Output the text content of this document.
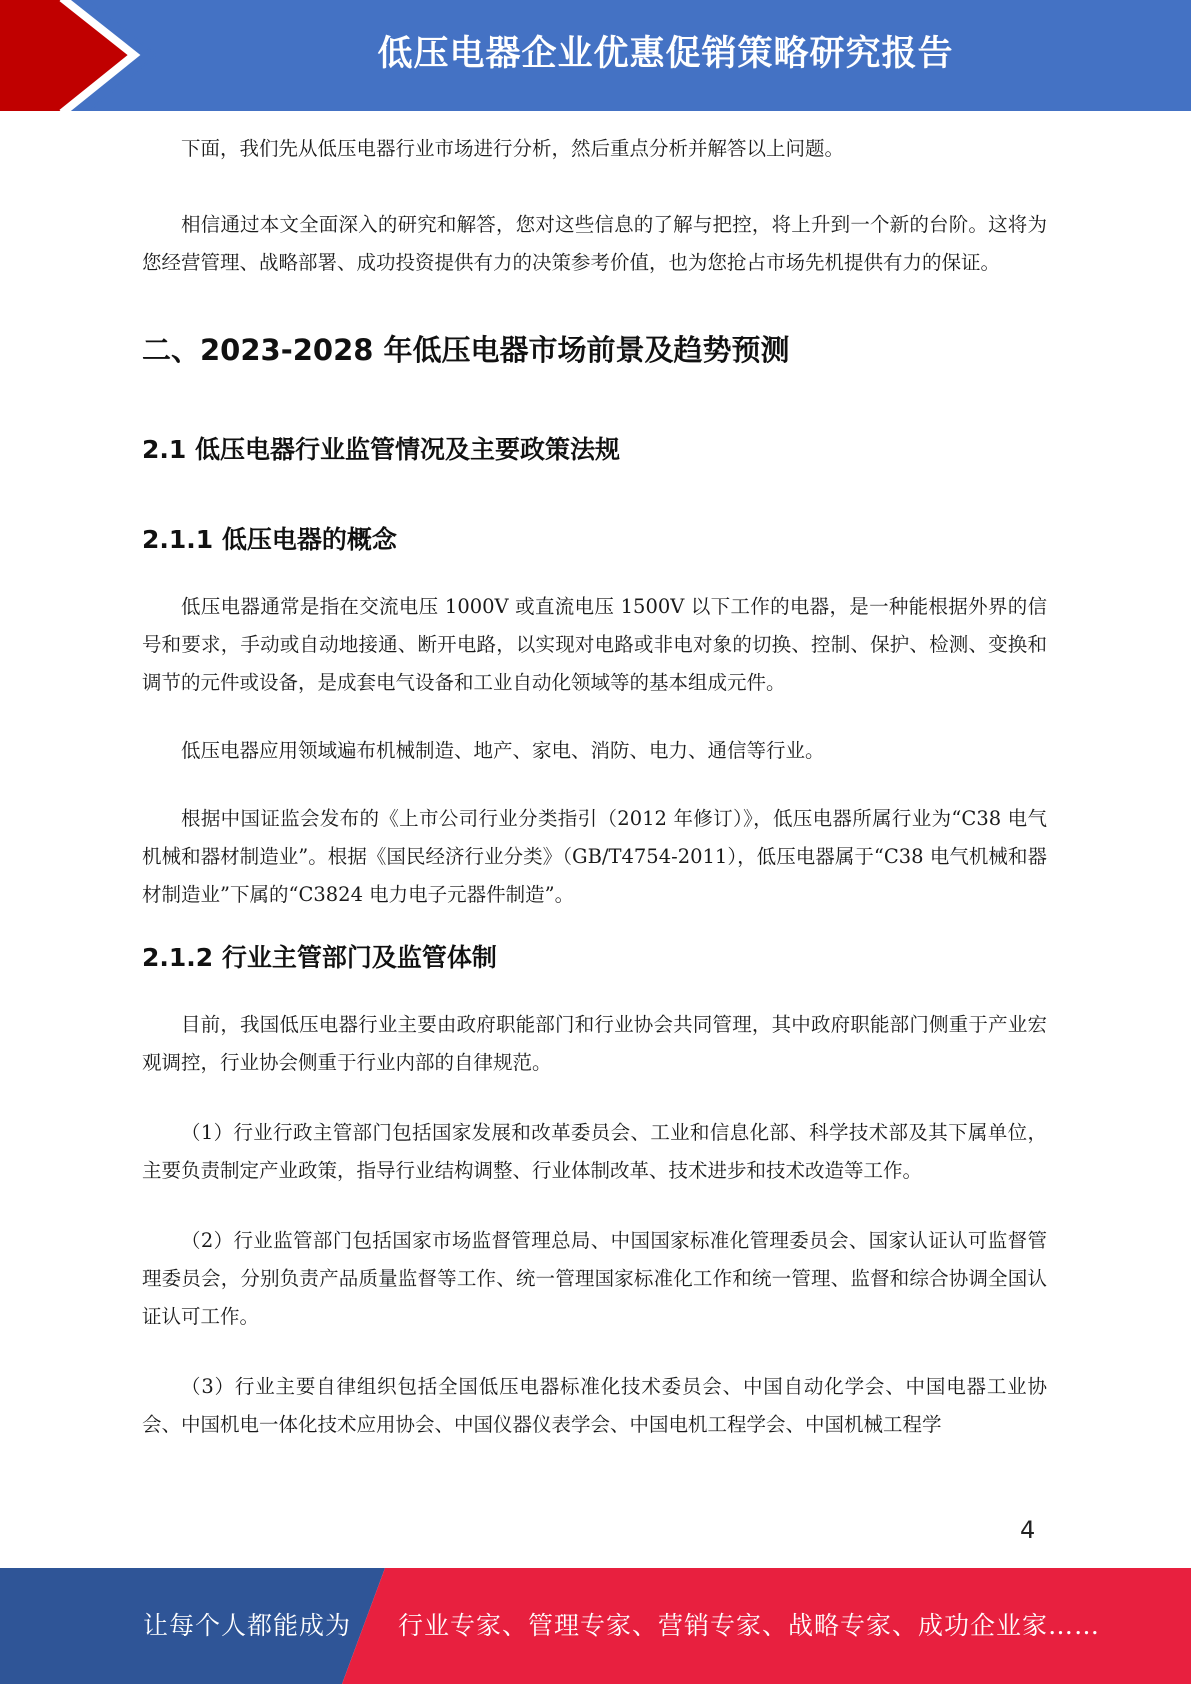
低压电器企业优惠促销策略研究报告

下面，我们先从低压电器行业市场进行分析，然后重点分析并解答以上问题。

相信通过本文全面深入的研究和解答，您对这些信息的了解与把控，将上升到一个新的台阶。这将为您经营管理、战略部署、成功投资提供有力的决策参考价值，也为您抢占市场先机提供有力的保证。

二、2023-2028 年低压电器市场前景及趋势预测
2.1 低压电器行业监管情况及主要政策法规
2.1.1 低压电器的概念

低压电器通常是指在交流电压 1000V 或直流电压 1500V 以下工作的电器，是一种能根据外界的信号和要求，手动或自动地接通、断开电路，以实现对电路或非电对象的切换、控制、保护、检测、变换和调节的元件或设备，是成套电气设备和工业自动化领域等的基本组成元件。

低压电器应用领域遍布机械制造、地产、家电、消防、电力、通信等行业。

根据中国证监会发布的《上市公司行业分类指引（2012 年修订）》，低压电器所属行业为“C38 电气机械和器材制造业”。根据《国民经济行业分类》（GB/T4754-2011），低压电器属于“C38 电气机械和器材制造业”下属的“C3824 电力电子元器件制造”。

2.1.2 行业主管部门及监管体制

目前，我国低压电器行业主要由政府职能部门和行业协会共同管理，其中政府职能部门侧重于产业宏观调控，行业协会侧重于行业内部的自律规范。

（1）行业行政主管部门包括国家发展和改革委员会、工业和信息化部、科学技术部及其下属单位，主要负责制定产业政策，指导行业结构调整、行业体制改革、技术进步和技术改造等工作。

（2）行业监管部门包括国家市场监督管理总局、中国国家标准化管理委员会、国家认证认可监督管理委员会，分别负责产品质量监督等工作、统一管理国家标准化工作和统一管理、监督和综合协调全国认证认可工作。

（3）行业主要自律组织包括全国低压电器标准化技术委员会、中国自动化学会、中国电器工业协会、中国机电一体化技术应用协会、中国仪器仪表学会、中国电机工程学会、中国机械工程学

4
让每个人都能成为 行业专家、管理专家、营销专家、战略专家、成功企业家……
